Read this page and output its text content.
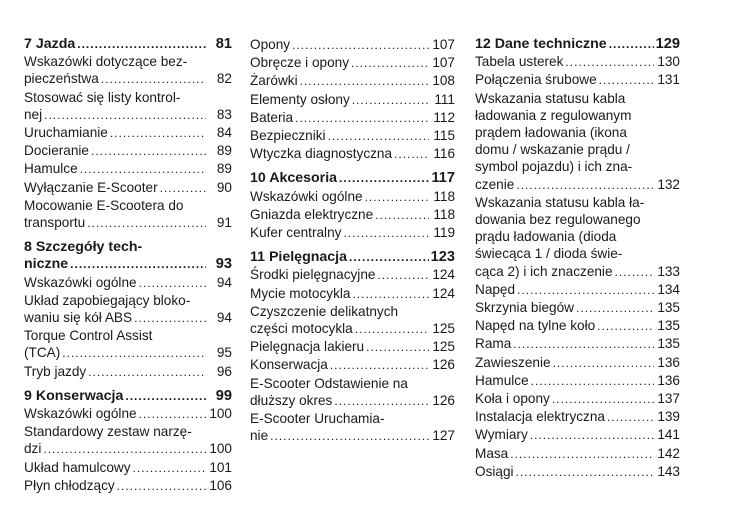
7 Jazda .....	81
Wskazówki dotyczące bez-
pieczeństwa .....	82
Stosować się listy kontrol-
nej .....	83
Uruchamianie .....	84
Docieranie .....	89
Hamulce .....	89
Wyłączanie E-Scooter .....	90
Mocowanie E-Scootera do
transportu .....	91
8 Szczegóły tech-
niczne .....	93
Wskazówki ogólne .....	94
Układ zapobiegający bloko-
waniu się kół ABS .....	94
Torque Control Assist
(TCA) .....	95
Tryb jazdy .....	96
9 Konserwacja .....	99
Wskazówki ogólne .....	100
Standardowy zestaw narzę-
dzi .....	100
Układ hamulcowy .....	101
Płyn chłodzący .....	106
Opony .....	107
Obręcze i opony .....	107
Żarówki .....	108
Elementy osłony .....	111
Bateria .....	112
Bezpieczniki .....	115
Wtyczka diagnostyczna .....	116
10 Akcesoria .....	117
Wskazówki ogólne .....	118
Gniazda elektryczne .....	118
Kufer centralny .....	119
11 Pielęgnacja .....	123
Środki pielęgnacyjne .....	124
Mycie motocykla .....	124
Czyszczenie delikatnych
części motocykla .....	125
Pielęgnacja lakieru .....	125
Konserwacja .....	126
E-Scooter Odstawienie na
dłuższy okres .....	126
E-Scooter Uruchamia-
nie .....	127
12 Dane techniczne .....	129
Tabela usterek .....	130
Połączenia śrubowe .....	131
Wskazania statusu kabla
ładowania z regulowanym
prądem ładowania (ikona
domu / wskazanie prądu /
symbol pojazdu) i ich zna-
czenie .....	132
Wskazania statusu kabla ła-
dowania bez regulowanego
prądu ładowania (dioda
świecąca 1 / dioda świe-
cąca 2) i ich znaczenie .....	133
Napęd .....	134
Skrzynia biegów .....	135
Napęd na tylne koło .....	135
Rama .....	135
Zawieszenie .....	136
Hamulce .....	136
Koła i opony .....	137
Instalacja elektryczna .....	139
Wymiary .....	141
Masa .....	142
Osiągi .....	143
